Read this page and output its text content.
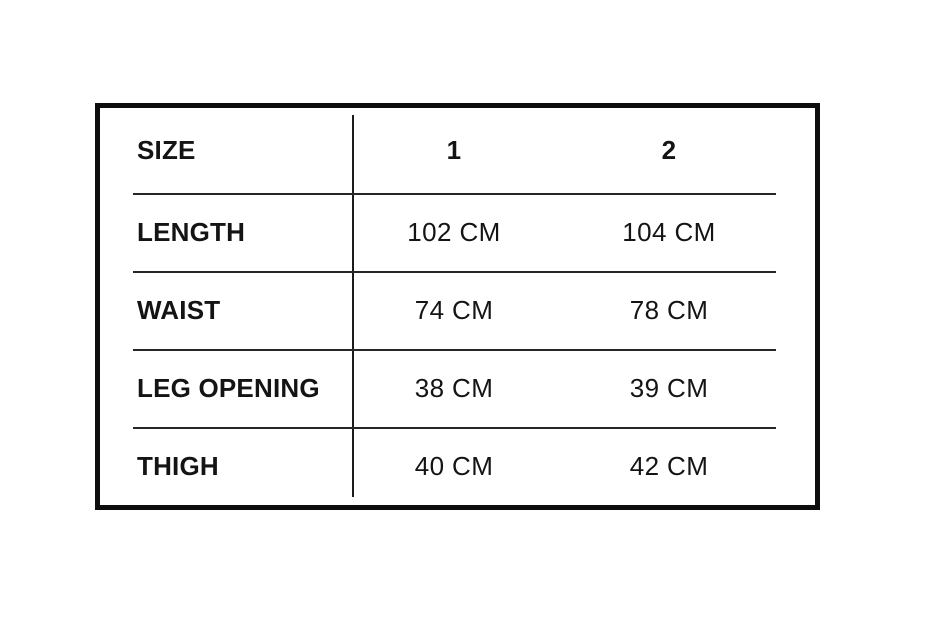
SIZE	1	2
LENGTH	102 CM	104 CM
WAIST	74 CM	78 CM
LEG OPENING	38 CM	39 CM
THIGH	40 CM	42 CM
